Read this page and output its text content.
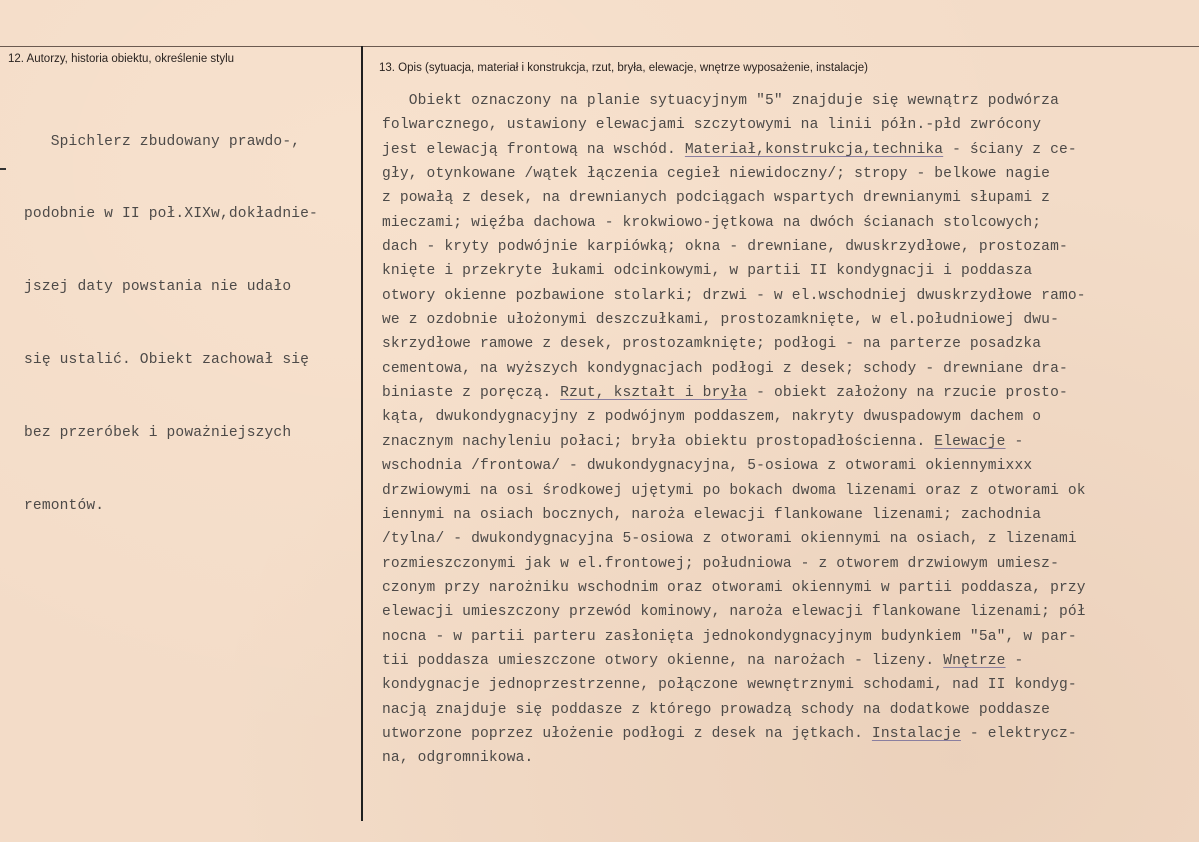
12. Autorzy, historia obiektu, określenie stylu
13. Opis (sytuacja, materiał i konstrukcja, rzut, bryła, elewacje, wnętrze wyposażenie, instalacje)

Spichlerz zbudowany prawdo-,

podobnie w II poł.XIXw,dokładnie-

jszej daty powstania nie udało

się ustalić. Obiekt zachował się

bez przeróbek i poważniejszych

remontów.

Obiekt oznaczony na planie sytuacyjnym "5" znajduje się wewnątrz podwórza
folwarcznego, ustawiony elewacjami szczytowymi na linii półn.-płd zwrócony
jest elewacją frontową na wschód. Materiał,konstrukcja,technika - ściany z ce-
gły, otynkowane /wątek łączenia cegieł niewidoczny/; stropy - belkowe nagie
z powałą z desek, na drewnianych podciągach wspartych drewnianymi słupami z
mieczami; więźba dachowa - krokwiowo-jętkowa na dwóch ścianach stolcowych;
dach - kryty podwójnie karpiówką; okna - drewniane, dwuskrzydłowe, prostozam-
knięte i przekryte łukami odcinkowymi, w partii II kondygnacji i poddasza
otwory okienne pozbawione stolarki; drzwi - w el.wschodniej dwuskrzydłowe ramo-
we z ozdobnie ułożonymi deszczułkami, prostozamknięte, w el.południowej dwu-
skrzydłowe ramowe z desek, prostozamknięte; podłogi - na parterze posadzka
cementowa, na wyższych kondygnacjach podłogi z desek; schody - drewniane dra-
biniaste z poręczą. Rzut, kształt i bryła - obiekt założony na rzucie prosto-
kąta, dwukondygnacyjny z podwójnym poddaszem, nakryty dwuspadowym dachem o
znacznym nachyleniu połaci; bryła obiektu prostopadłościenna. Elewacje -
wschodnia /frontowa/ - dwukondygnacyjna, 5-osiowa z otworami okiennymixxx
drzwiowymi na osi środkowej ujętymi po bokach dwoma lizenami oraz z otworami ok
iennymi na osiach bocznych, naroża elewacji flankowane lizenami; zachodnia
/tylna/ - dwukondygnacyjna 5-osiowa z otworami okiennymi na osiach, z lizenami
rozmieszczonymi jak w el.frontowej; południowa - z otworem drzwiowym umiesz-
czonym przy narożniku wschodnim oraz otworami okiennymi w partii poddasza, przy
elewacji umieszczony przewód kominowy, naroża elewacji flankowane lizenami; pół
nocna - w partii parteru zasłonięta jednokondygnacyjnym budynkiem "5a", w par-
tii poddasza umieszczone otwory okienne, na narożach - lizeny. Wnętrze -
kondygnacje jednoprzestrzenne, połączone wewnętrznymi schodami, nad II kondyg-
nacją znajduje się poddasze z którego prowadzą schody na dodatkowe poddasze
utworzone poprzez ułożenie podłogi z desek na jętkach. Instalacje - elektrycz-
na, odgromnikowa.
